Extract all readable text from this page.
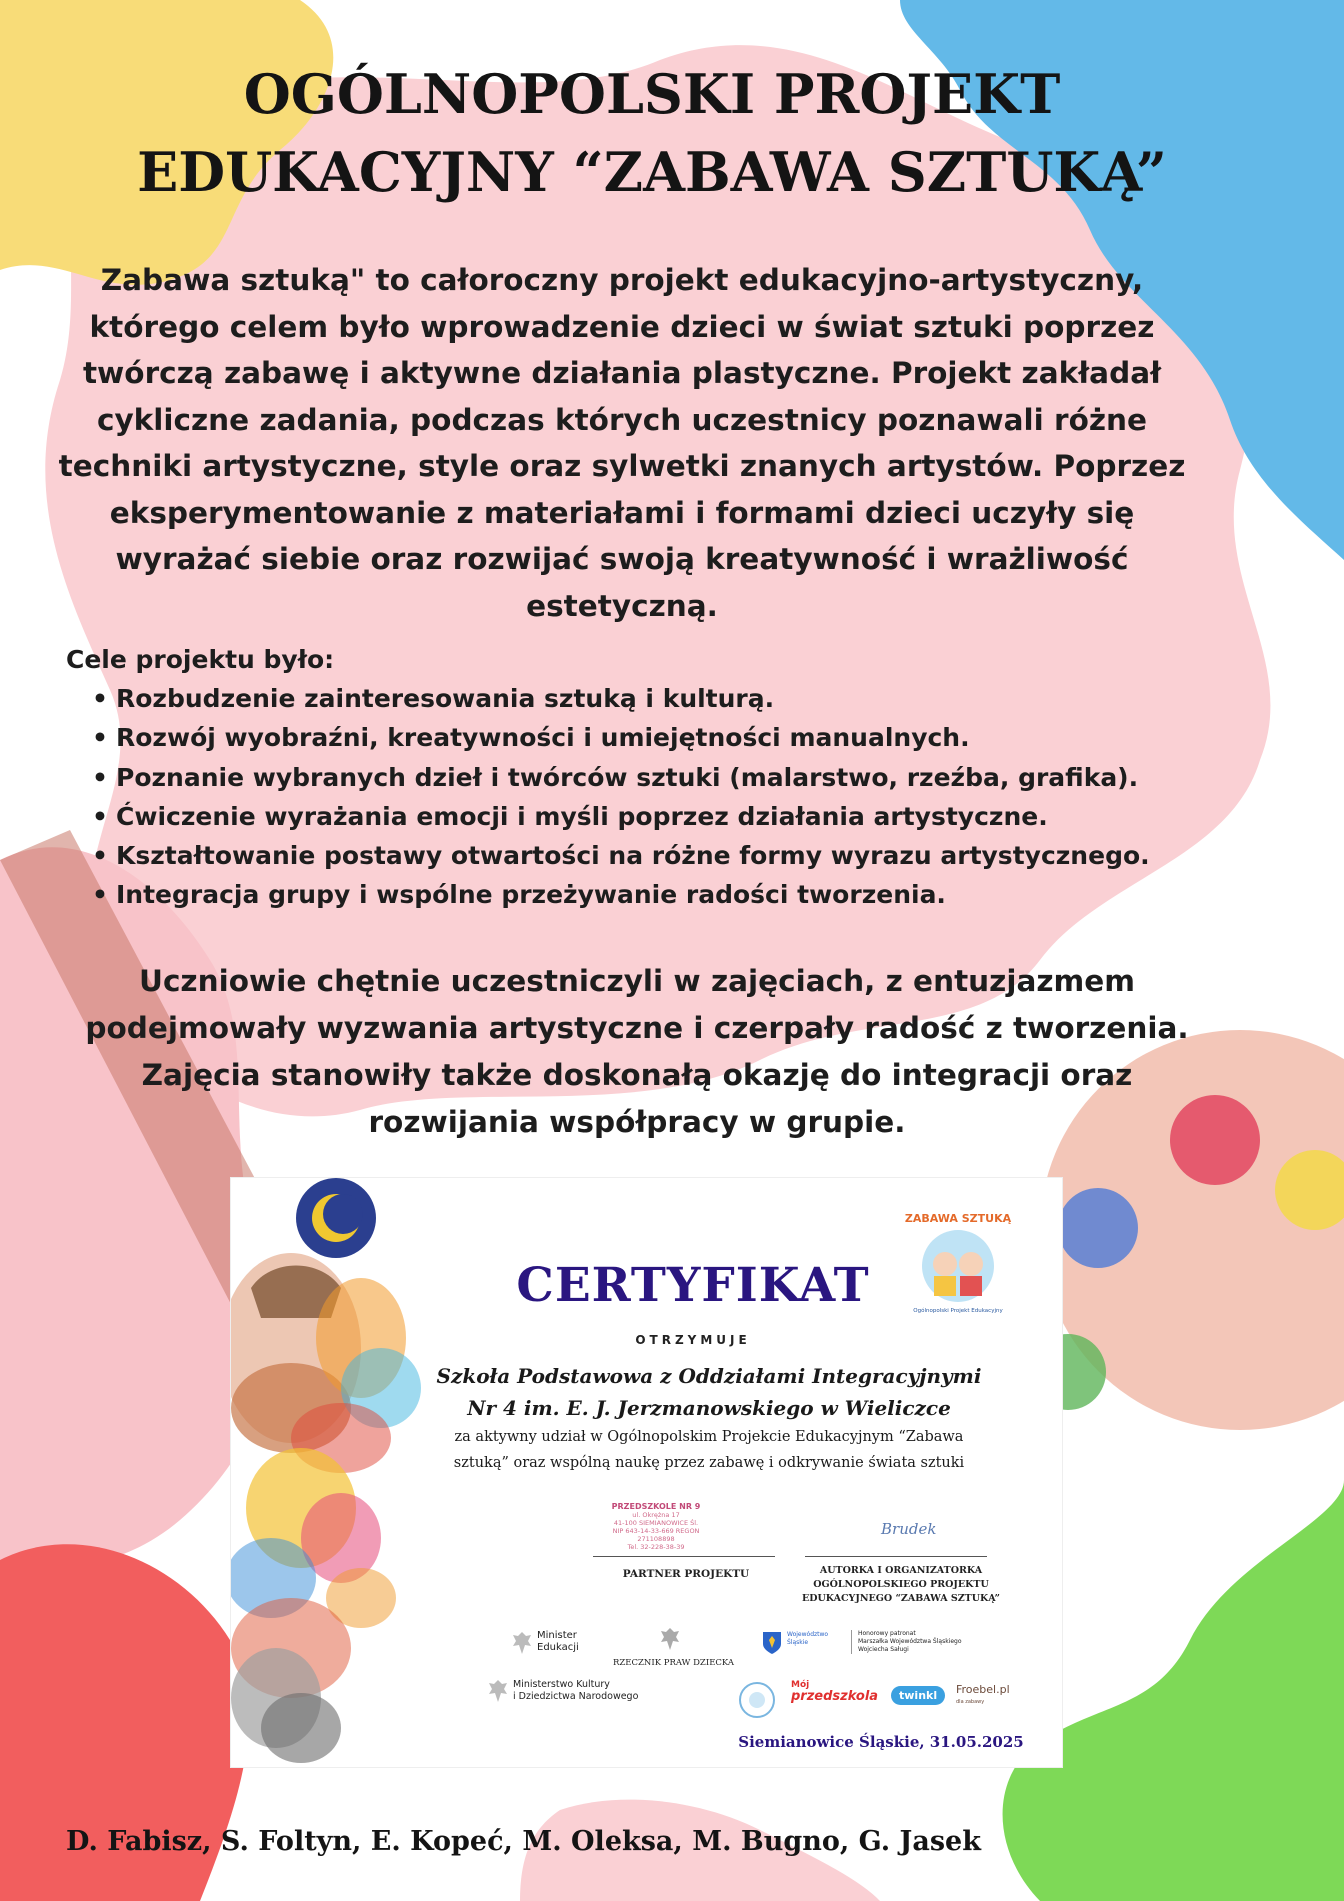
OGÓLNOPOLSKI PROJEKT
EDUKACYJNY “ZABAWA SZTUKĄ”
Zabawa sztuką" to całoroczny projekt edukacyjno-artystyczny,
którego celem było wprowadzenie dzieci w świat sztuki poprzez
twórczą zabawę i aktywne działania plastyczne. Projekt zakładał
cykliczne zadania, podczas których uczestnicy poznawali różne
techniki artystyczne, style oraz sylwetki znanych artystów. Poprzez
eksperymentowanie z materiałami i formami dzieci uczyły się
wyrażać siebie oraz rozwijać swoją kreatywność i wrażliwość
estetyczną.
Cele projektu było:
• Rozbudzenie zainteresowania sztuką i kulturą.
• Rozwój wyobraźni, kreatywności i umiejętności manualnych.
• Poznanie wybranych dzieł i twórców sztuki (malarstwo, rzeźba, grafika).
• Ćwiczenie wyrażania emocji i myśli poprzez działania artystyczne.
• Kształtowanie postawy otwartości na różne formy wyrazu artystycznego.
• Integracja grupy i wspólne przeżywanie radości tworzenia.
Uczniowie chętnie uczestniczyli w zajęciach, z entuzjazmem
podejmowały wyzwania artystyczne i czerpały radość z tworzenia.
Zajęcia stanowiły także doskonałą okazję do integracji oraz
rozwijania współpracy w grupie.
ZABAWA SZTUKĄ
Ogólnopolski Projekt Edukacyjny
CERTYFIKAT
OTRZYMUJE
Szkoła Podstawowa z Oddziałami Integracyjnymi
Nr 4 im. E. J. Jerzmanowskiego w Wieliczce
za aktywny udział w Ogólnopolskim Projekcie Edukacyjnym “Zabawa
sztuką” oraz wspólną naukę przez zabawę i odkrywanie świata sztuki
PRZEDSZKOLE NR 9
ul. Okrężna 17
41-100 SIEMIANOWICE Śl.
NIP 643-14-33-669 REGON 271108898
Tel. 32-228-38-39
Brudek
PARTNER PROJEKTU	AUTORKA I ORGANIZATORKA
OGÓLNOPOLSKIEGO PROJEKTU
EDUKACYJNEGO “ZABAWA SZTUKĄ”
Minister
Edukacji
RZECZNIK PRAW DZIECKA
Województwo
Śląskie
Honorowy patronat
Marszałka Województwa Śląskiego
Wojciecha Saługi
Ministerstwo Kultury
i Dziedzictwa Narodowego
Mój
przedszkola	twinkl	Froebel.pl
dla zabawy
Siemianowice Śląskie, 31.05.2025
D. Fabisz, S. Foltyn, E. Kopeć, M. Oleksa, M. Bugno, G. Jasek
